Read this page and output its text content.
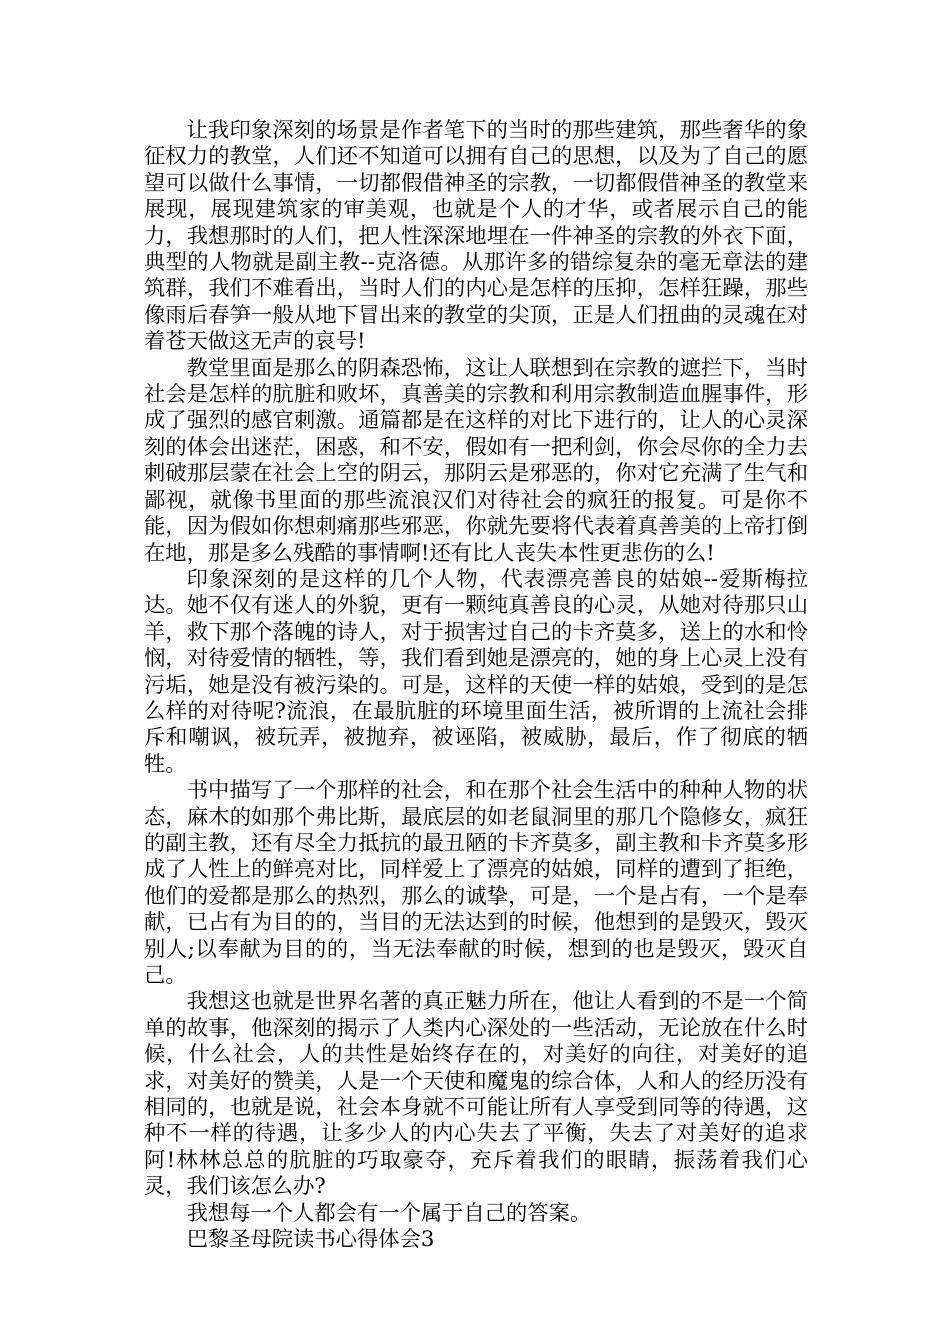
让我印象深刻的场景是作者笔下的当时的那些建筑，那些奢华的象征权力的教堂，人们还不知道可以拥有自己的思想，以及为了自己的愿望可以做什么事情，一切都假借神圣的宗教，一切都假借神圣的教堂来展现，展现建筑家的审美观，也就是个人的才华，或者展示自己的能力，我想那时的人们，把人性深深地埋在一件神圣的宗教的外衣下面，典型的人物就是副主教--克洛德。从那许多的错综复杂的毫无章法的建筑群，我们不难看出，当时人们的内心是怎样的压抑，怎样狂躁，那些像雨后春笋一般从地下冒出来的教堂的尖顶，正是人们扭曲的灵魂在对着苍天做这无声的哀号!

教堂里面是那么的阴森恐怖，这让人联想到在宗教的遮拦下，当时社会是怎样的肮脏和败坏，真善美的宗教和利用宗教制造血腥事件，形成了强烈的感官刺激。通篇都是在这样的对比下进行的，让人的心灵深刻的体会出迷茫，困惑，和不安，假如有一把利剑，你会尽你的全力去刺破那层蒙在社会上空的阴云，那阴云是邪恶的，你对它充满了生气和鄙视，就像书里面的那些流浪汉们对待社会的疯狂的报复。可是你不能，因为假如你想刺痛那些邪恶，你就先要将代表着真善美的上帝打倒在地，那是多么残酷的事情啊!还有比人丧失本性更悲伤的么!

印象深刻的是这样的几个人物，代表漂亮善良的姑娘--爱斯梅拉达。她不仅有迷人的外貌，更有一颗纯真善良的心灵，从她对待那只山羊，救下那个落魄的诗人，对于损害过自己的卡齐莫多，送上的水和怜悯，对待爱情的牺牲，等，我们看到她是漂亮的，她的身上心灵上没有污垢，她是没有被污染的。可是，这样的天使一样的姑娘，受到的是怎么样的对待呢?流浪，在最肮脏的环境里面生活，被所谓的上流社会排斥和嘲讽，被玩弄，被抛弃，被诬陷，被威胁，最后，作了彻底的牺牲。

书中描写了一个那样的社会，和在那个社会生活中的种种人物的状态，麻木的如那个弗比斯，最底层的如老鼠洞里的那几个隐修女，疯狂的副主教，还有尽全力抵抗的最丑陋的卡齐莫多，副主教和卡齐莫多形成了人性上的鲜亮对比，同样爱上了漂亮的姑娘，同样的遭到了拒绝，他们的爱都是那么的热烈，那么的诚挚，可是，一个是占有，一个是奉献，已占有为目的的，当目的无法达到的时候，他想到的是毁灭，毁灭别人;以奉献为目的的，当无法奉献的时候，想到的也是毁灭，毁灭自己。

我想这也就是世界名著的真正魅力所在，他让人看到的不是一个简单的故事，他深刻的揭示了人类内心深处的一些活动，无论放在什么时候，什么社会，人的共性是始终存在的，对美好的向往，对美好的追求，对美好的赞美，人是一个天使和魔鬼的综合体，人和人的经历没有相同的，也就是说，社会本身就不可能让所有人享受到同等的待遇，这种不一样的待遇，让多少人的内心失去了平衡，失去了对美好的追求阿!林林总总的肮脏的巧取豪夺，充斥着我们的眼睛，振荡着我们心灵，我们该怎么办?

我想每一个人都会有一个属于自己的答案。

巴黎圣母院读书心得体会3
